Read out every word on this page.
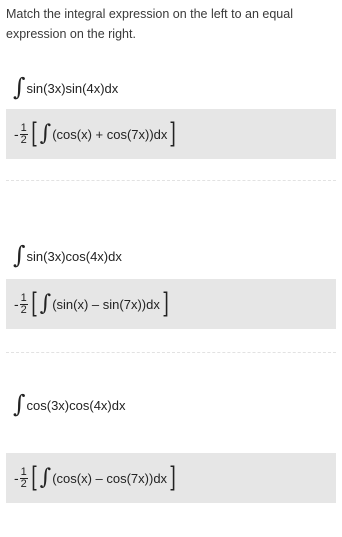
Match the integral expression on the left to an equal expression on the right.
∫ sin(3x)sin(4x)dx
- $\frac{1}{2}$ [ ∫ (cos(x) + cos(7x))dx ]
∫ sin(3x)cos(4x)dx
- $\frac{1}{2}$ [ ∫ (sin(x) – sin(7x))dx ]
∫ cos(3x)cos(4x)dx
- $\frac{1}{2}$ [ ∫ (cos(x) – cos(7x))dx ]
